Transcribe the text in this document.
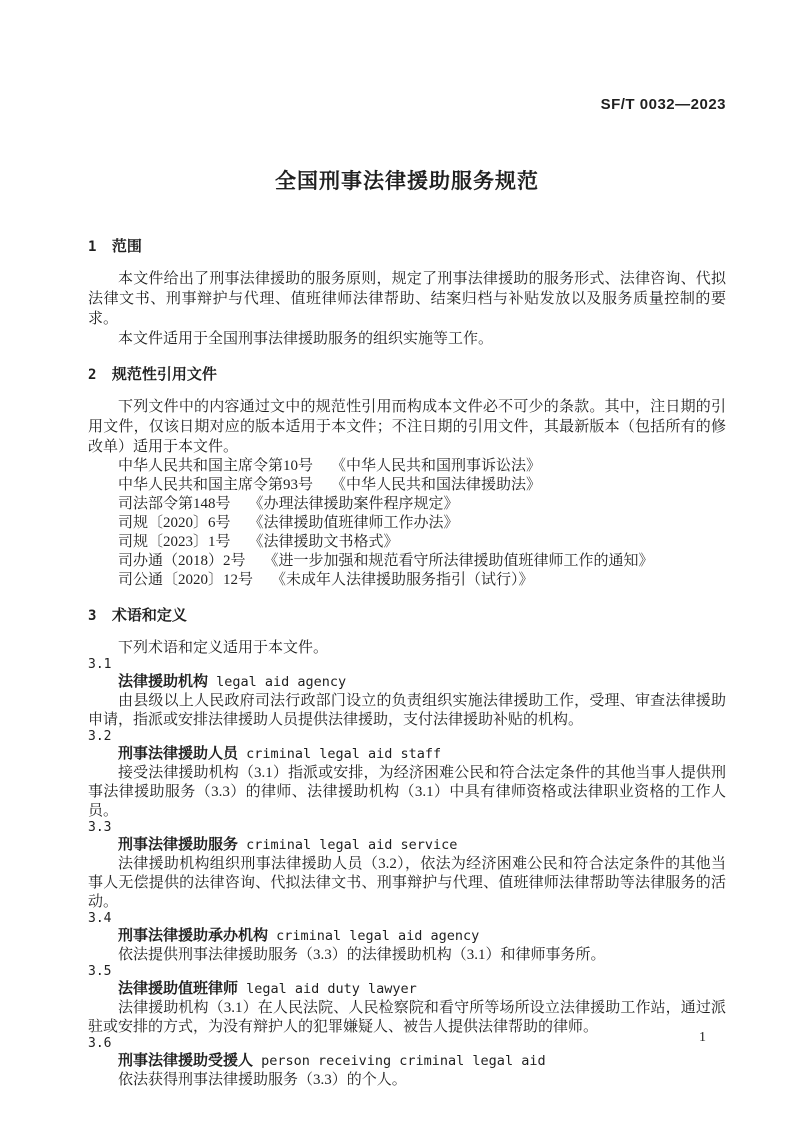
SF/T 0032—2023
全国刑事法律援助服务规范
1 范围

本文件给出了刑事法律援助的服务原则，规定了刑事法律援助的服务形式、法律咨询、代拟法律文书、刑事辩护与代理、值班律师法律帮助、结案归档与补贴发放以及服务质量控制的要求。

本文件适用于全国刑事法律援助服务的组织实施等工作。

2 规范性引用文件

下列文件中的内容通过文中的规范性引用而构成本文件必不可少的条款。其中，注日期的引用文件，仅该日期对应的版本适用于本文件；不注日期的引用文件，其最新版本（包括所有的修改单）适用于本文件。

中华人民共和国主席令第10号 《中华人民共和国刑事诉讼法》
中华人民共和国主席令第93号 《中华人民共和国法律援助法》
司法部令第148号 《办理法律援助案件程序规定》
司规〔2020〕6号 《法律援助值班律师工作办法》
司规〔2023〕1号 《法律援助文书格式》
司办通（2018）2号 《进一步加强和规范看守所法律援助值班律师工作的通知》
司公通〔2020〕12号 《未成年人法律援助服务指引（试行）》
3 术语和定义

下列术语和定义适用于本文件。

3.1
法律援助机构 legal aid agency

由县级以上人民政府司法行政部门设立的负责组织实施法律援助工作，受理、审查法律援助申请，指派或安排法律援助人员提供法律援助，支付法律援助补贴的机构。

3.2
刑事法律援助人员 criminal legal aid staff

接受法律援助机构（3.1）指派或安排，为经济困难公民和符合法定条件的其他当事人提供刑事法律援助服务（3.3）的律师、法律援助机构（3.1）中具有律师资格或法律职业资格的工作人员。

3.3
刑事法律援助服务 criminal legal aid service

法律援助机构组织刑事法律援助人员（3.2），依法为经济困难公民和符合法定条件的其他当事人无偿提供的法律咨询、代拟法律文书、刑事辩护与代理、值班律师法律帮助等法律服务的活动。

3.4
刑事法律援助承办机构 criminal legal aid agency

依法提供刑事法律援助服务（3.3）的法律援助机构（3.1）和律师事务所。

3.5
法律援助值班律师 legal aid duty lawyer

法律援助机构（3.1）在人民法院、人民检察院和看守所等场所设立法律援助工作站，通过派驻或安排的方式，为没有辩护人的犯罪嫌疑人、被告人提供法律帮助的律师。

3.6
刑事法律援助受援人 person receiving criminal legal aid

依法获得刑事法律援助服务（3.3）的个人。

1
